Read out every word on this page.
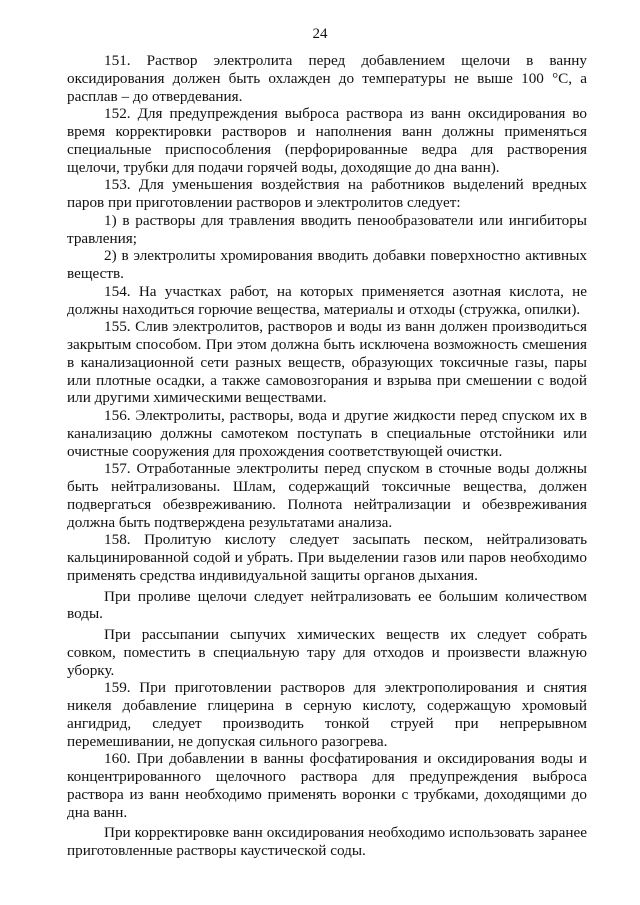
24

151. Раствор электролита перед добавлением щелочи в ванну оксидирования должен быть охлажден до температуры не выше 100 °С, а расплав – до отвердевания.

152. Для предупреждения выброса раствора из ванн оксидирования во время корректировки растворов и наполнения ванн должны применяться специальные приспособления (перфорированные ведра для растворения щелочи, трубки для подачи горячей воды, доходящие до дна ванн).

153. Для уменьшения воздействия на работников выделений вредных паров при приготовлении растворов и электролитов следует:

1) в растворы для травления вводить пенообразователи или ингибиторы травления;

2) в электролиты хромирования вводить добавки поверхностно активных веществ.

154. На участках работ, на которых применяется азотная кислота, не должны находиться горючие вещества, материалы и отходы (стружка, опилки).

155. Слив электролитов, растворов и воды из ванн должен производиться закрытым способом. При этом должна быть исключена возможность смешения в канализационной сети разных веществ, образующих токсичные газы, пары или плотные осадки, а также самовозгорания и взрыва при смешении с водой или другими химическими веществами.

156. Электролиты, растворы, вода и другие жидкости перед спуском их в канализацию должны самотеком поступать в специальные отстойники или очистные сооружения для прохождения соответствующей очистки.

157. Отработанные электролиты перед спуском в сточные воды должны быть нейтрализованы. Шлам, содержащий токсичные вещества, должен подвергаться обезвреживанию. Полнота нейтрализации и обезвреживания должна быть подтверждена результатами анализа.

158. Пролитую кислоту следует засыпать песком, нейтрализовать кальцинированной содой и убрать. При выделении газов или паров необходимо применять средства индивидуальной защиты органов дыхания.

При проливе щелочи следует нейтрализовать ее большим количеством воды.

При рассыпании сыпучих химических веществ их следует собрать совком, поместить в специальную тару для отходов и произвести влажную уборку.

159. При приготовлении растворов для электрополирования и снятия никеля добавление глицерина в серную кислоту, содержащую хромовый ангидрид, следует производить тонкой струей при непрерывном перемешивании, не допуская сильного разогрева.

160. При добавлении в ванны фосфатирования и оксидирования воды и концентрированного щелочного раствора для предупреждения выброса раствора из ванн необходимо применять воронки с трубками, доходящими до дна ванн.

При корректировке ванн оксидирования необходимо использовать заранее приготовленные растворы каустической соды.
